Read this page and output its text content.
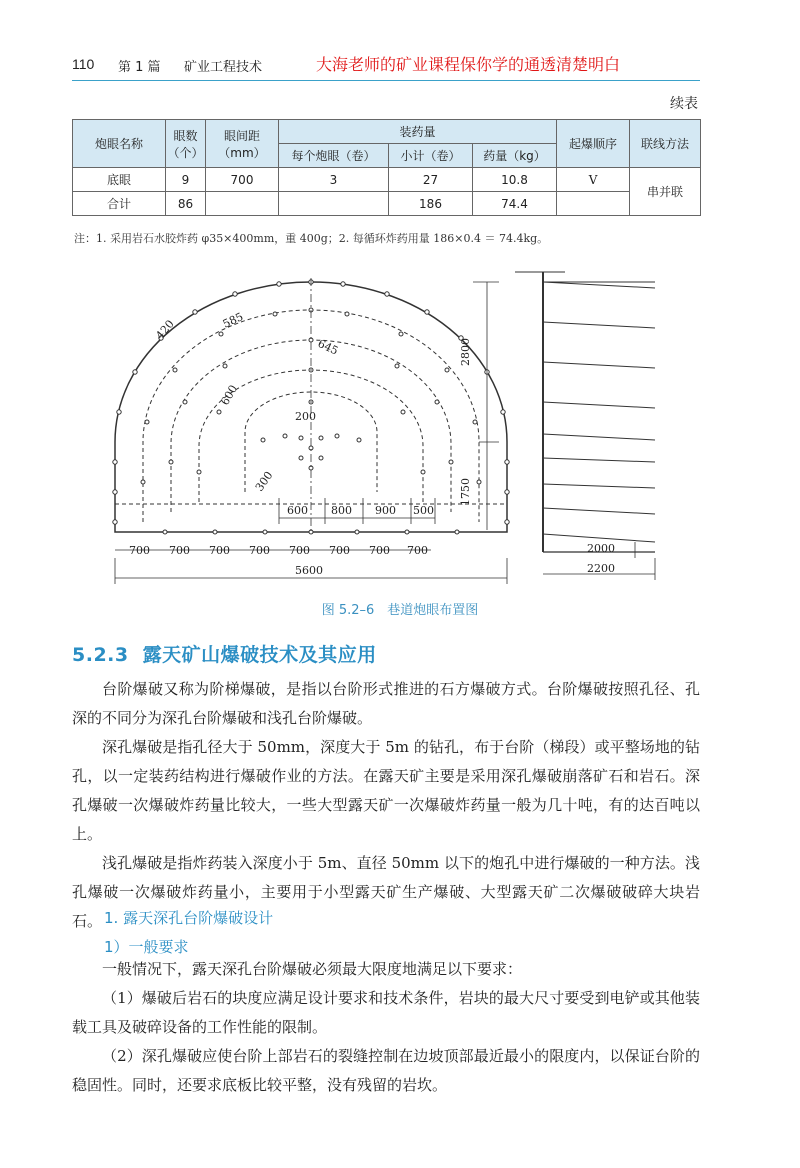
110 第 1 篇 矿业工程技术	大海老师的矿业课程保你学的通透清楚明白
续表
炮眼名称	眼数（个）	眼间距（mm）	装药量			起爆顺序	联线方法
			每个炮眼（卷）	小计（卷）	药量（kg）		
底眼	9	700	3	27	10.8	Ⅴ	串并联
合计	86			186	74.4		
注：1. 采用岩石水胶炸药 φ35×400mm，重 400g；2. 每循环炸药用量 186×0.4 ＝ 74.4kg。
420	585
645
600
200
300
600 800 900 500
700 700 700 700 700 700 700 700
5600
2800
1750
2000
2200
图 5.2–6　巷道炮眼布置图
5.2.3 露天矿山爆破技术及其应用
台阶爆破又称为阶梯爆破，是指以台阶形式推进的石方爆破方式。台阶爆破按照孔径、孔深的不同分为深孔台阶爆破和浅孔台阶爆破。
深孔爆破是指孔径大于 50mm，深度大于 5m 的钻孔，布于台阶（梯段）或平整场地的钻孔，以一定装药结构进行爆破作业的方法。在露天矿主要是采用深孔爆破崩落矿石和岩石。深孔爆破一次爆破炸药量比较大，一些大型露天矿一次爆破炸药量一般为几十吨，有的达百吨以上。
浅孔爆破是指炸药装入深度小于 5m、直径 50mm 以下的炮孔中进行爆破的一种方法。浅孔爆破一次爆破炸药量小，主要用于小型露天矿生产爆破、大型露天矿二次爆破破碎大块岩石。 1. 露天深孔台阶爆破设计
1）一般要求
一般情况下，露天深孔台阶爆破必须最大限度地满足以下要求：
（1）爆破后岩石的块度应满足设计要求和技术条件，岩块的最大尺寸要受到电铲或其他装载工具及破碎设备的工作性能的限制。
（2）深孔爆破应使台阶上部岩石的裂缝控制在边坡顶部最近最小的限度内，以保证台阶的稳固性。同时，还要求底板比较平整，没有残留的岩坎。
